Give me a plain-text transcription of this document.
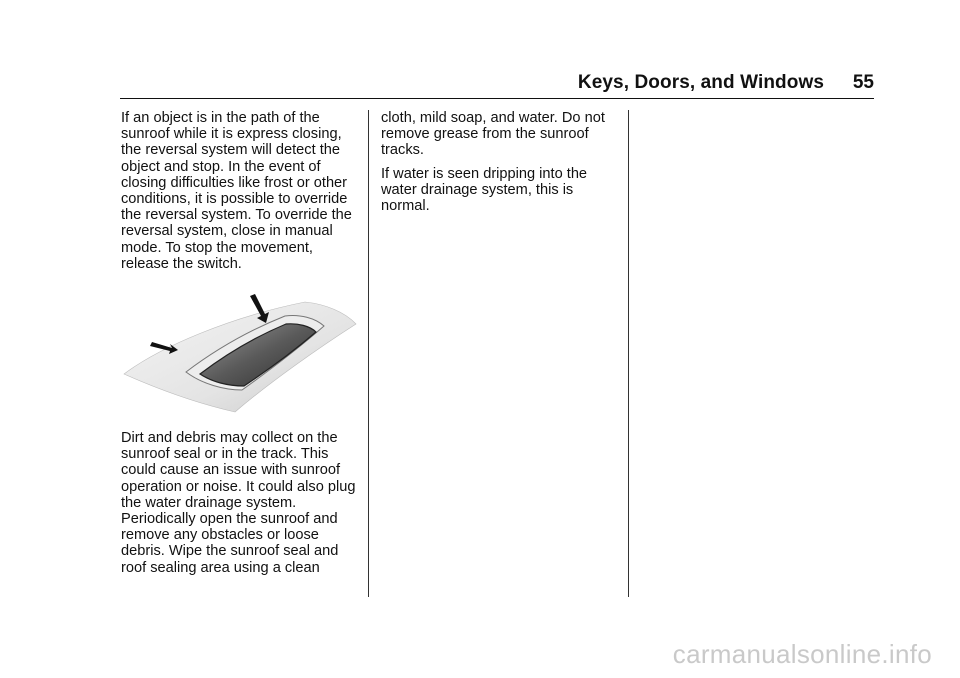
Keys, Doors, and Windows 55

If an object is in the path of the
sunroof while it is express closing,
the reversal system will detect the
object and stop. In the event of
closing difficulties like frost or other
conditions, it is possible to override
the reversal system. To override the
reversal system, close in manual
mode. To stop the movement,
release the switch.

Dirt and debris may collect on the
sunroof seal or in the track. This
could cause an issue with sunroof
operation or noise. It could also plug
the water drainage system.
Periodically open the sunroof and
remove any obstacles or loose
debris. Wipe the sunroof seal and
roof sealing area using a clean

cloth, mild soap, and water. Do not
remove grease from the sunroof
tracks.

If water is seen dripping into the
water drainage system, this is
normal.

carmanualsonline.info
